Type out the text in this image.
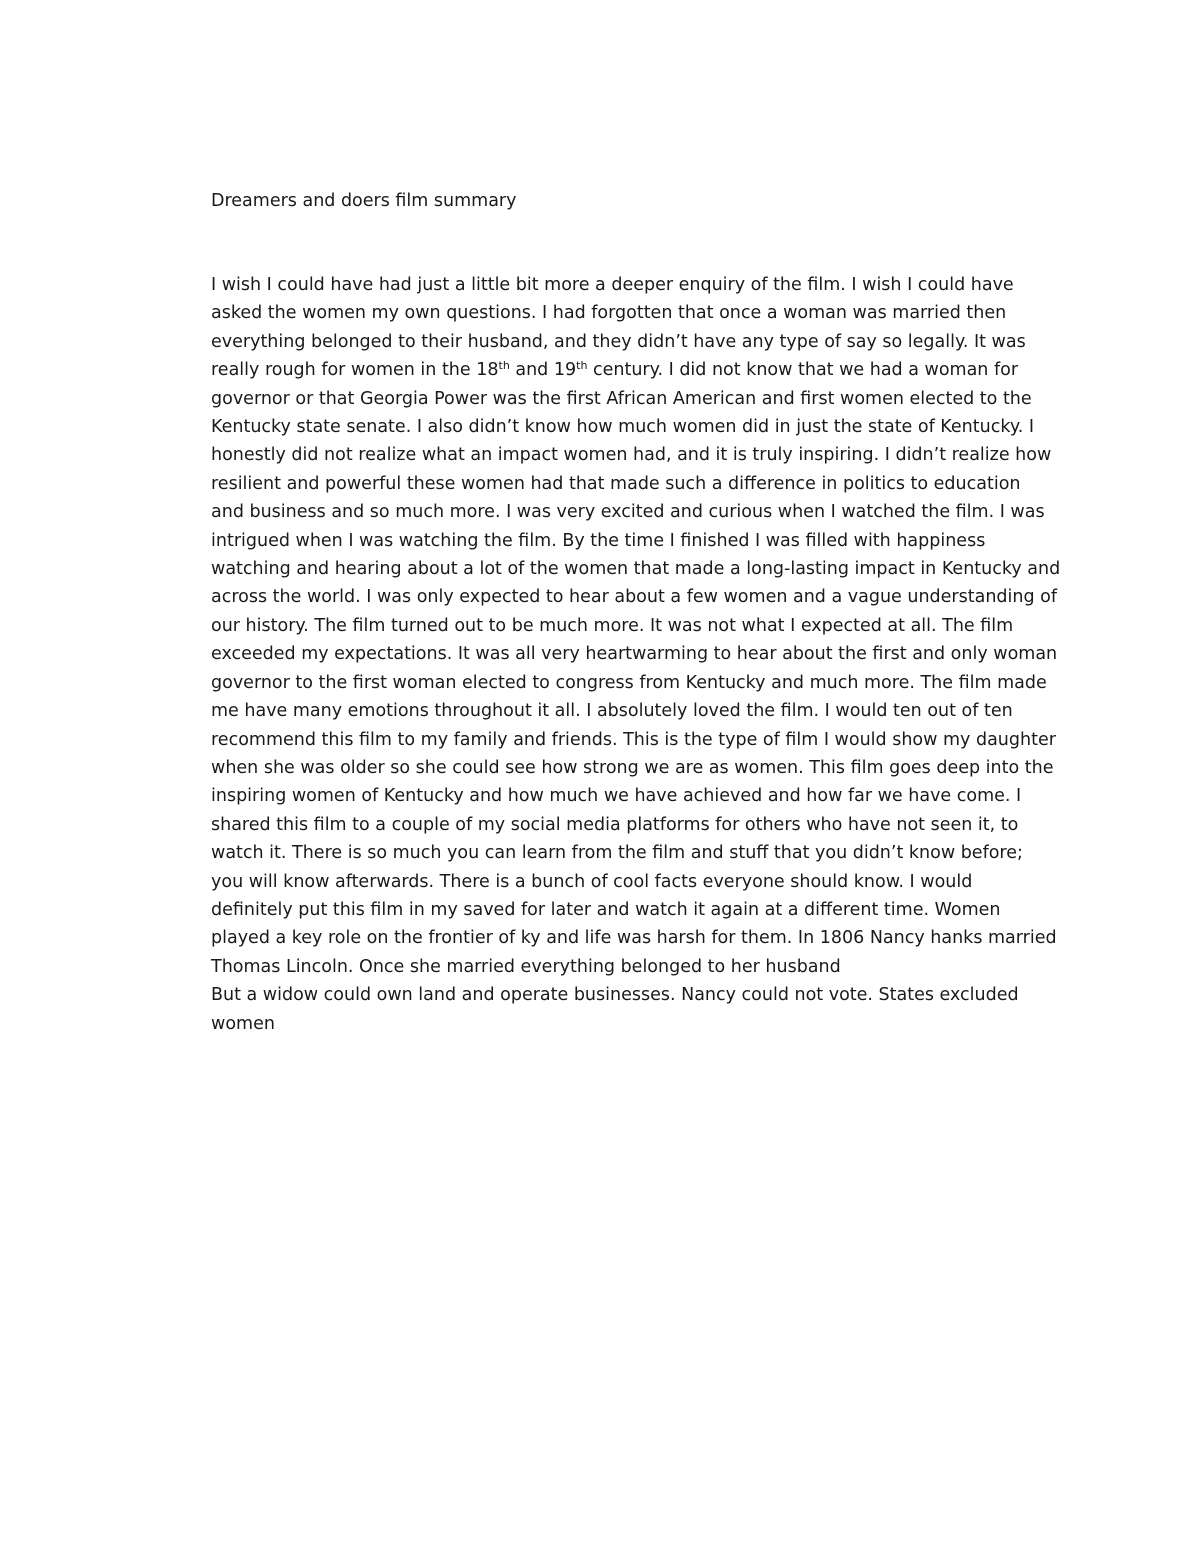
Dreamers and doers film summary

I wish I could have had just a little bit more a deeper enquiry of the film. I wish I could have
asked the women my own questions. I had forgotten that once a woman was married then
everything belonged to their husband, and they didn’t have any type of say so legally. It was
really rough for women in the 18th and 19th century. I did not know that we had a woman for
governor or that Georgia Power was the first African American and first women elected to the
Kentucky state senate. I also didn’t know how much women did in just the state of Kentucky. I
honestly did not realize what an impact women had, and it is truly inspiring. I didn’t realize how
resilient and powerful these women had that made such a difference in politics to education
and business and so much more. I was very excited and curious when I watched the film. I was
intrigued when I was watching the film. By the time I finished I was filled with happiness
watching and hearing about a lot of the women that made a long-lasting impact in Kentucky and
across the world. I was only expected to hear about a few women and a vague understanding of
our history. The film turned out to be much more. It was not what I expected at all. The film
exceeded my expectations. It was all very heartwarming to hear about the first and only woman
governor to the first woman elected to congress from Kentucky and much more. The film made
me have many emotions throughout it all. I absolutely loved the film. I would ten out of ten
recommend this film to my family and friends. This is the type of film I would show my daughter
when she was older so she could see how strong we are as women. This film goes deep into the
inspiring women of Kentucky and how much we have achieved and how far we have come. I
shared this film to a couple of my social media platforms for others who have not seen it, to
watch it. There is so much you can learn from the film and stuff that you didn’t know before;
you will know afterwards. There is a bunch of cool facts everyone should know. I would
definitely put this film in my saved for later and watch it again at a different time. Women
played a key role on the frontier of ky and life was harsh for them. In 1806 Nancy hanks married
Thomas Lincoln. Once she married everything belonged to her husband
But a widow could own land and operate businesses. Nancy could not vote. States excluded
women
